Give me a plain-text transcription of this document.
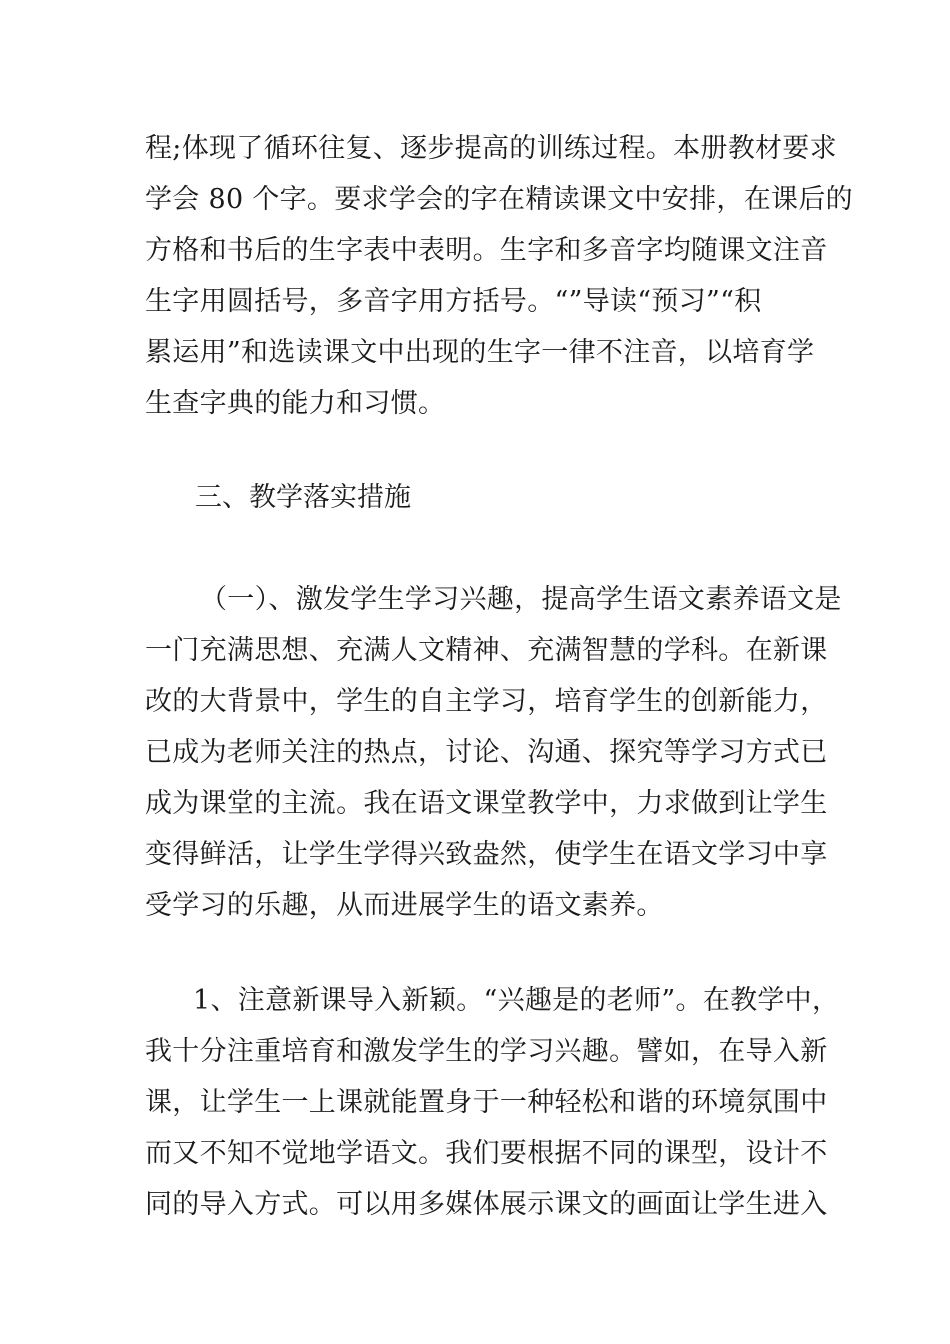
程;体现了循环往复、逐步提高的训练过程。本册教材要求
学会 80 个字。要求学会的字在精读课文中安排，在课后的
方格和书后的生字表中表明。生字和多音字均随课文注音
生字用圆括号，多音字用方括号。“”导读“预习”“积
累运用”和选读课文中出现的生字一律不注音，以培育学
生查字典的能力和习惯。
三、教学落实措施
（一）、激发学生学习兴趣，提高学生语文素养语文是
一门充满思想、充满人文精神、充满智慧的学科。在新课
改的大背景中，学生的自主学习，培育学生的创新能力，
已成为老师关注的热点，讨论、沟通、探究等学习方式已
成为课堂的主流。我在语文课堂教学中，力求做到让学生
变得鲜活，让学生学得兴致盎然，使学生在语文学习中享
受学习的乐趣，从而进展学生的语文素养。
1、注意新课导入新颖。“兴趣是的老师”。在教学中，
我十分注重培育和激发学生的学习兴趣。譬如，在导入新
课，让学生一上课就能置身于一种轻松和谐的环境氛围中
而又不知不觉地学语文。我们要根据不同的课型，设计不
同的导入方式。可以用多媒体展示课文的画面让学生进入
